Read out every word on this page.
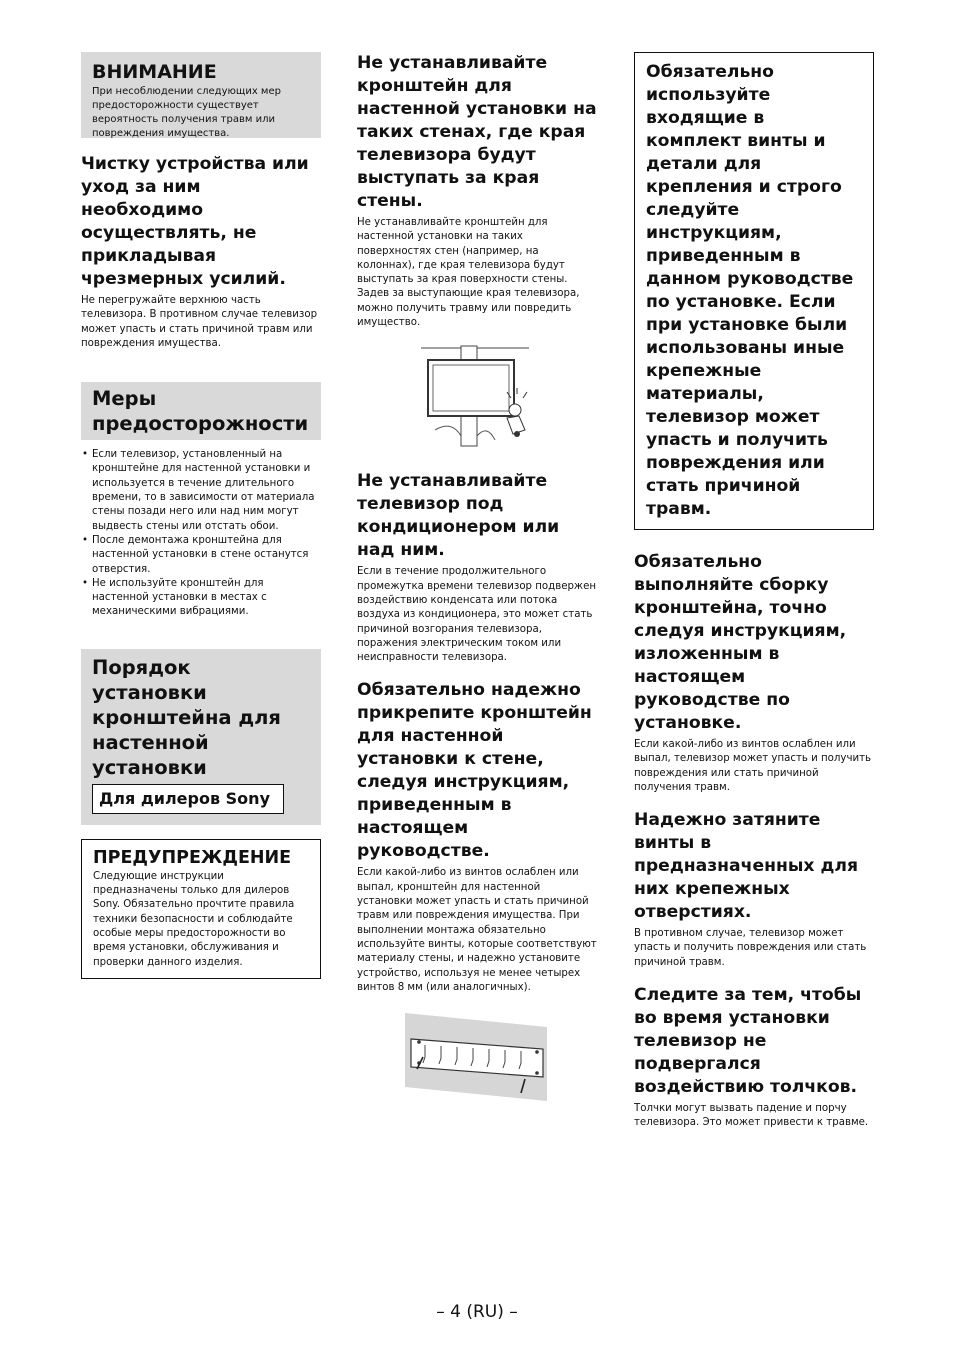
ВНИМАНИЕ
При несоблюдении следующих мер предосторожности существует вероятность получения травм или повреждения имущества.
Чистку устройства или уход за ним необходимо осуществлять, не прикладывая чрезмерных усилий.
Не перегружайте верхнюю часть телевизора. В противном случае телевизор может упасть и стать причиной травм или повреждения имущества.
Меры предосторожности
• Если телевизор, установленный на кронштейне для настенной установки и используется в течение длительного времени, то в зависимости от материала стены позади него или над ним могут выдвесть стены или отстать обои.
• После демонтажа кронштейна для настенной установки в стене останутся отверстия.
• Не используйте кронштейн для настенной установки в местах с механическими вибрациями.
Порядок установки кронштейна для настенной установки
Для дилеров Sony
ПРЕДУПРЕЖДЕНИЕ
Следующие инструкции предназначены только для дилеров Sony. Обязательно прочтите правила техники безопасности и соблюдайте особые меры предосторожности во время установки, обслуживания и проверки данного изделия.
Не устанавливайте кронштейн для настенной установки на таких стенах, где края телевизора будут выступать за края стены.
Не устанавливайте кронштейн для настенной установки на таких поверхностях стен (например, на колоннах), где края телевизора будут выступать за края поверхности стены. Задев за выступающие края телевизора, можно получить травму или повредить имущество.
Не устанавливайте телевизор под кондиционером или над ним.
Если в течение продолжительного промежутка времени телевизор подвержен воздействию конденсата или потока воздуха из кондиционера, это может стать причиной возгорания телевизора, поражения электрическим током или неисправности телевизора.
Обязательно надежно прикрепите кронштейн для настенной установки к стене, следуя инструкциям, приведенным в настоящем руководстве.
Если какой-либо из винтов ослаблен или выпал, кронштейн для настенной установки может упасть и стать причиной травм или повреждения имущества. При выполнении монтажа обязательно используйте винты, которые соответствуют материалу стены, и надежно установите устройство, используя не менее четырех винтов 8 мм (или аналогичных).
Обязательно используйте входящие в комплект винты и детали для крепления и строго следуйте инструкциям, приведенным в данном руководстве по установке. Если при установке были использованы иные крепежные материалы, телевизор может упасть и получить повреждения или стать причиной травм.
Обязательно выполняйте сборку кронштейна, точно следуя инструкциям, изложенным в настоящем руководстве по установке.
Если какой-либо из винтов ослаблен или выпал, телевизор может упасть и получить повреждения или стать причиной получения травм.
Надежно затяните винты в предназначенных для них крепежных отверстиях.
В противном случае, телевизор может упасть и получить повреждения или стать причиной травм.
Следите за тем, чтобы во время установки телевизор не подвергался воздействию толчков.
Толчки могут вызвать падение и порчу телевизора. Это может привести к травме.
– 4 (RU) –
